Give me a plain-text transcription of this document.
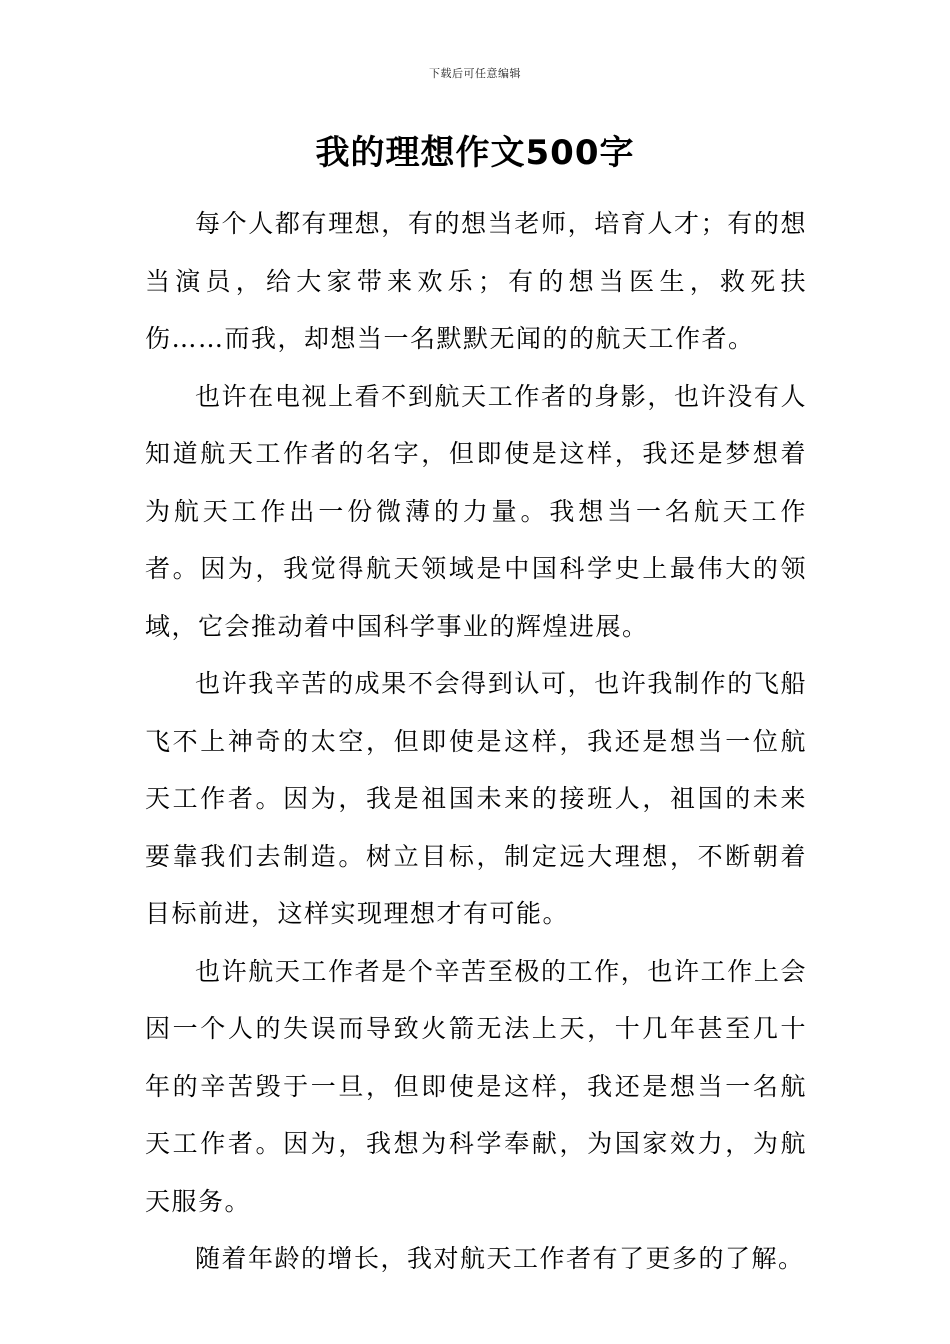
下载后可任意编辑
我的理想作文500字

每个人都有理想，有的想当老师，培育人才；有的想当演员，给大家带来欢乐；有的想当医生，救死扶伤……而我，却想当一名默默无闻的的航天工作者。

也许在电视上看不到航天工作者的身影，也许没有人知道航天工作者的名字，但即使是这样，我还是梦想着为航天工作出一份微薄的力量。我想当一名航天工作者。因为，我觉得航天领域是中国科学史上最伟大的领域，它会推动着中国科学事业的辉煌进展。

也许我辛苦的成果不会得到认可，也许我制作的飞船飞不上神奇的太空，但即使是这样，我还是想当一位航天工作者。因为，我是祖国未来的接班人，祖国的未来要靠我们去制造。树立目标，制定远大理想，不断朝着目标前进，这样实现理想才有可能。

也许航天工作者是个辛苦至极的工作，也许工作上会因一个人的失误而导致火箭无法上天，十几年甚至几十年的辛苦毁于一旦，但即使是这样，我还是想当一名航天工作者。因为，我想为科学奉献，为国家效力，为航天服务。

随着年龄的增长，我对航天工作者有了更多的了解。
